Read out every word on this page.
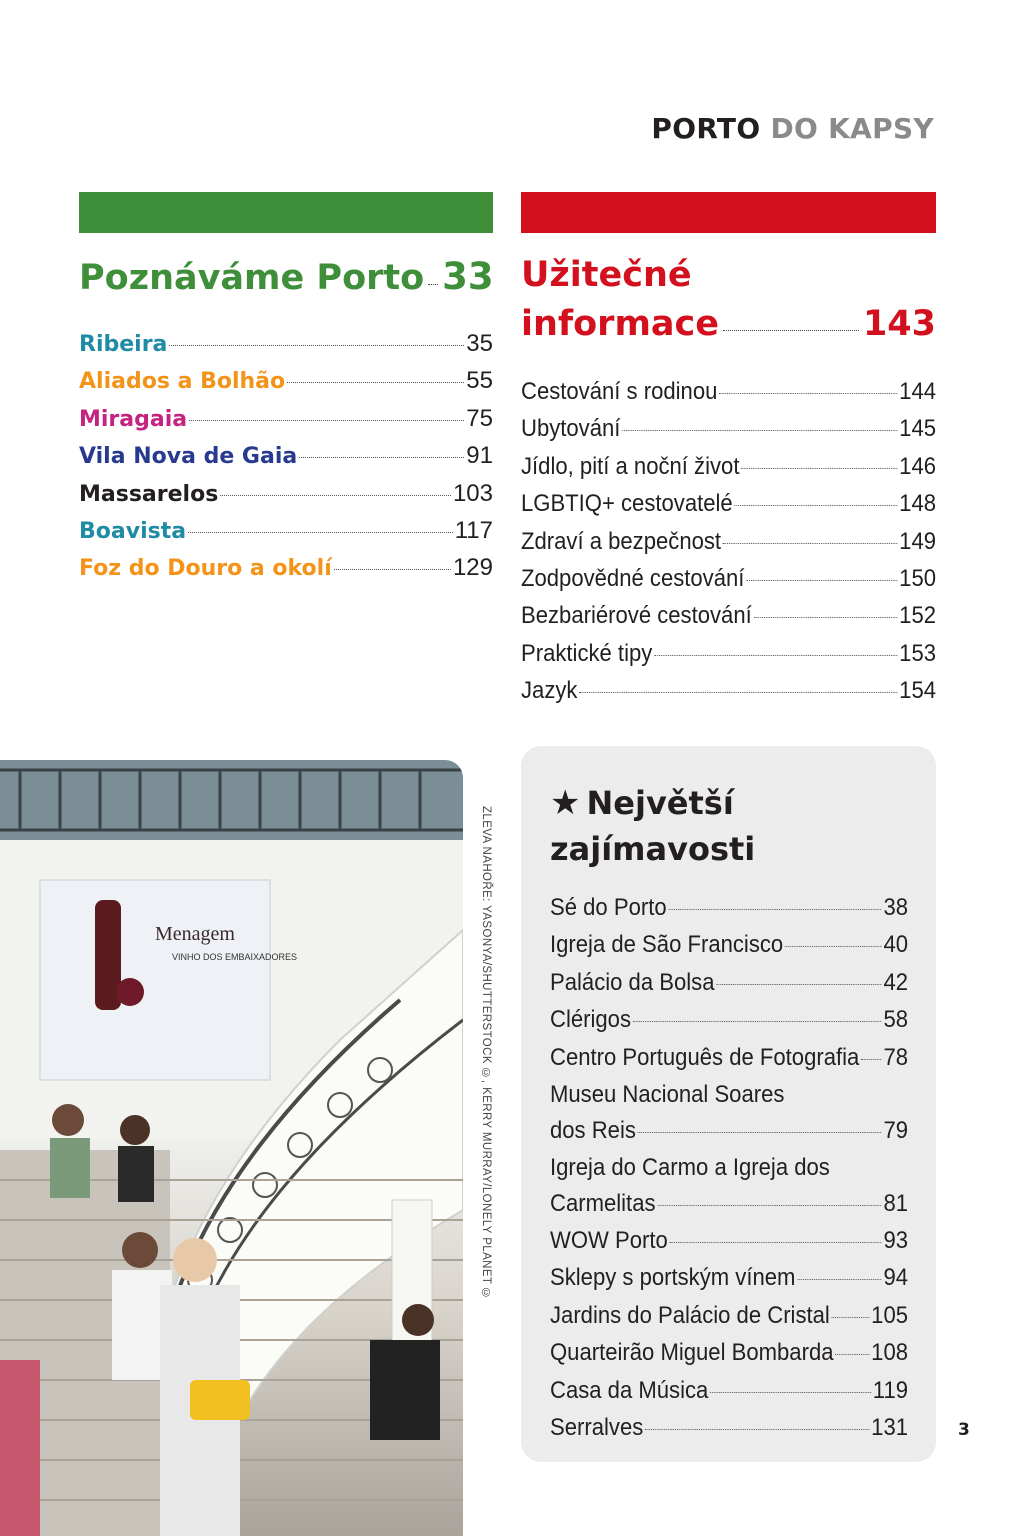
PORTO DO KAPSY
Poznáváme Porto 33 Užitečné
informace	143
Ribeira	35
Aliados a Bolhão	55
Miragaia	75
Vila Nova de Gaia	91
Massarelos	103
Boavista	117
Foz do Douro a okolí	129
Cestování s rodinou	144
Ubytování	145
Jídlo, pití a noční život	146
LGBTIQ+ cestovatelé	148
Zdraví a bezpečnost	149
Zodpovědné cestování	150
Bezbariérové cestování	152
Praktické tipy	153
Jazyk	154
Menagem
VINHO DOS EMBAIXADORES	ZLEVA NAHOŘE: YASONYA/SHUTTERSTOCK ©, KERRY MURRAY/LONELY PLANET ©
★ Největší
zajímavosti
Sé do Porto	38
Igreja de São Francisco	40
Palácio da Bolsa	42
Clérigos	58
Centro Português de Fotografia 78
Museu Nacional Soares
dos Reis	79
Igreja do Carmo a Igreja dos
Carmelitas	81
WOW Porto	93
Sklepy s portským vínem	94
Jardins do Palácio de Cristal 105
Quarteirão Miguel Bombarda 108
Casa da Música	119
Serralves	131	3
